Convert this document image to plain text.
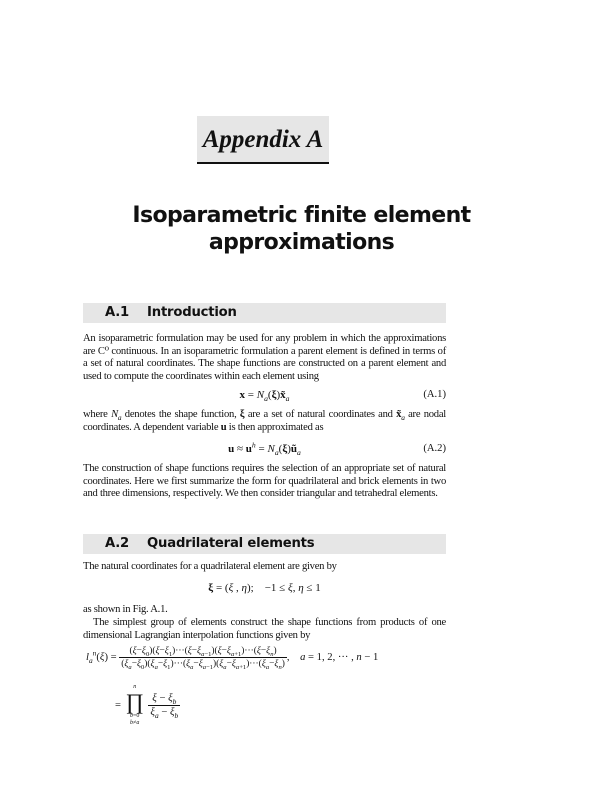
Appendix A
Isoparametric finite element
approximations
A.1 Introduction
An isoparametric formulation may be used for any problem in which the approximations are C⁰ continuous. In an isoparametric formulation a parent element is defined in terms of a set of natural coordinates. The shape functions are constructed on a parent element and used to compute the coordinates within each element using
$x = N_a(\xi)x̃_a$	(A.1)
where $N_a$ denotes the shape function, ξ are a set of natural coordinates and $x̃_a$ are nodal coordinates. A dependent variable u is then approximated as
$u \approx u^h$ = $N_a(\xi)ũ_a$	(A.2)
The construction of shape functions requires the selection of an appropriate set of natural coordinates. Here we first summarize the form for quadrilateral and brick elements in two and three dimensions, respectively. We then consider triangular and tetrahedral elements.
A.2 Quadrilateral elements
The natural coordinates for a quadrilateral element are given by
ξ = (ξ , η);    −1 ≤ ξ, η ≤ 1
as shown in Fig. A.1.
The simplest group of elements construct the shape functions from products of one dimensional Lagrangian interpolation functions given by
$l_a^n(\xi) = \frac{(\xi-\xi_0)(\xi-\xi_1)\cdot\cdot\cdot(\xi-\xi_{a-1})(\xi-\xi_{a+1})\cdot\cdot\cdot(\xi-\xi_n)}{(\xi_a-\xi_0)(\xi_a-\xi_1)\cdot\cdot\cdot(\xi_a-\xi_{a-1})(\xi_a-\xi_{a+1})\cdot\cdot\cdot(\xi_a-\xi_n)}$ ,    a = 1, 2, ··· , n − 1
=
n
∏
b=0
b≠a

$\frac{\xi - \xi_b}{\xi_a - \xi_b}$
